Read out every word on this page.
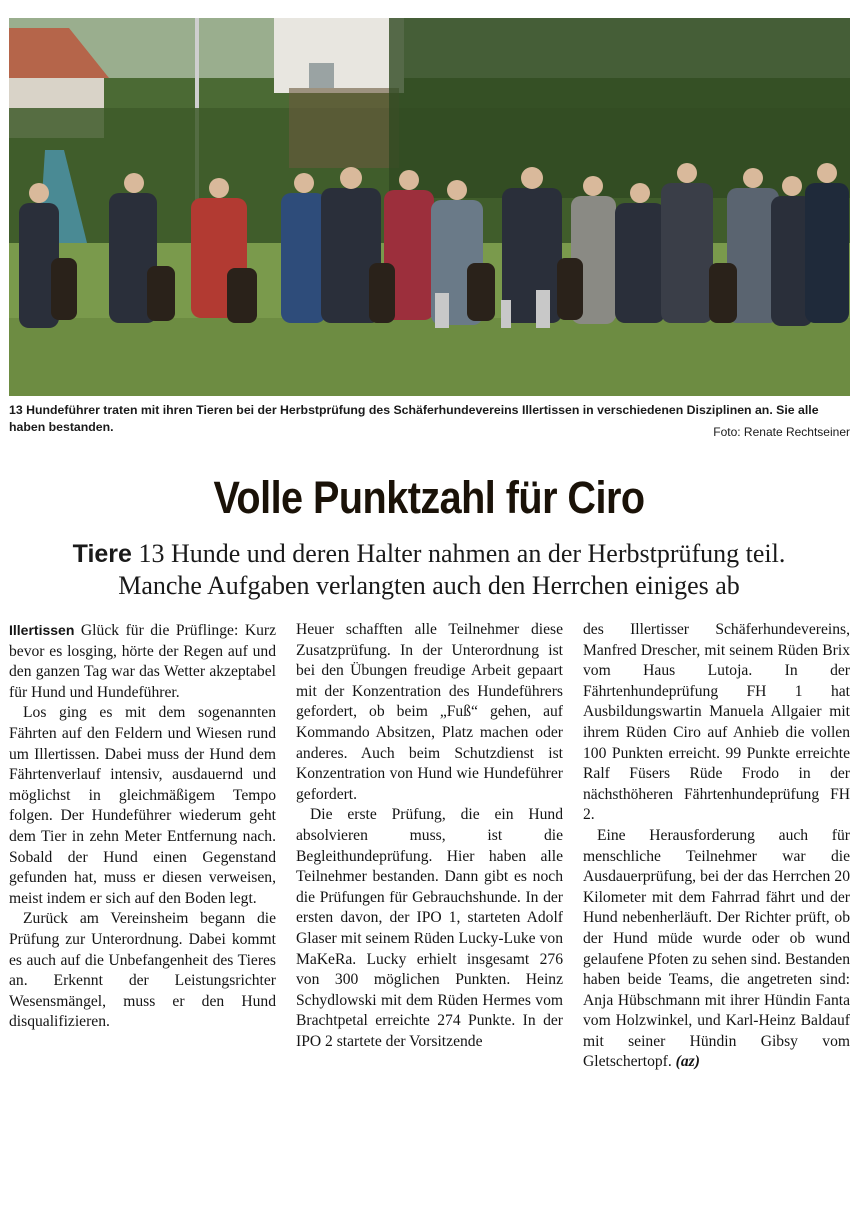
13 Hundeführer traten mit ihren Tieren bei der Herbstprüfung des Schäferhundevereins Illertissen in verschiedenen Disziplinen an. Sie alle haben bestanden.	Foto: Renate Rechtseiner
Volle Punktzahl für Ciro
Tiere 13 Hunde und deren Halter nahmen an der Herbstprüfung teil.
Manche Aufgaben verlangten auch den Herrchen einiges ab

Illertissen Glück für die Prüflinge: Kurz bevor es losging, hörte der Regen auf und den ganzen Tag war das Wetter akzeptabel für Hund und Hundeführer.

Los ging es mit dem sogenannten Fährten auf den Feldern und Wiesen rund um Illertissen. Dabei muss der Hund dem Fährtenverlauf intensiv, ausdauernd und möglichst in gleichmäßigem Tempo folgen. Der Hundeführer wiederum geht dem Tier in zehn Meter Entfernung nach. Sobald der Hund einen Gegenstand gefunden hat, muss er diesen verweisen, meist indem er sich auf den Boden legt.

Zurück am Vereinsheim begann die Prüfung zur Unterordnung. Dabei kommt es auch auf die Unbefangenheit des Tieres an. Erkennt der Leistungsrichter Wesensmängel, muss er den Hund disqualifizieren.

Heuer schafften alle Teilnehmer diese Zusatzprüfung. In der Unterordnung ist bei den Übungen freudige Arbeit gepaart mit der Konzentration des Hundeführers gefordert, ob beim „Fuß“ gehen, auf Kommando Absitzen, Platz machen oder anderes. Auch beim Schutzdienst ist Konzentration von Hund wie Hundeführer gefordert.

Die erste Prüfung, die ein Hund absolvieren muss, ist die Begleithundeprüfung. Hier haben alle Teilnehmer bestanden. Dann gibt es noch die Prüfungen für Gebrauchshunde. In der ersten davon, der IPO 1, starteten Adolf Glaser mit seinem Rüden Lucky-Luke von MaKeRa. Lucky erhielt insgesamt 276 von 300 möglichen Punkten. Heinz Schydlowski mit dem Rüden Hermes vom Brachtpetal erreichte 274 Punkte. In der IPO 2 startete der Vorsitzende

des Illertisser Schäferhundevereins, Manfred Drescher, mit seinem Rüden Brix vom Haus Lutoja. In der Fährtenhundeprüfung FH 1 hat Ausbildungswartin Manuela Allgaier mit ihrem Rüden Ciro auf Anhieb die vollen 100 Punkten erreicht. 99 Punkte erreichte Ralf Füsers Rüde Frodo in der nächsthöheren Fährtenhundeprüfung FH 2.

Eine Herausforderung auch für menschliche Teilnehmer war die Ausdauerprüfung, bei der das Herrchen 20 Kilometer mit dem Fahrrad fährt und der Hund nebenherläuft. Der Richter prüft, ob der Hund müde wurde oder ob wund gelaufene Pfoten zu sehen sind. Bestanden haben beide Teams, die angetreten sind: Anja Hübschmann mit ihrer Hündin Fanta vom Holzwinkel, und Karl-Heinz Baldauf mit seiner Hündin Gibsy vom Gletschertopf. (az)
